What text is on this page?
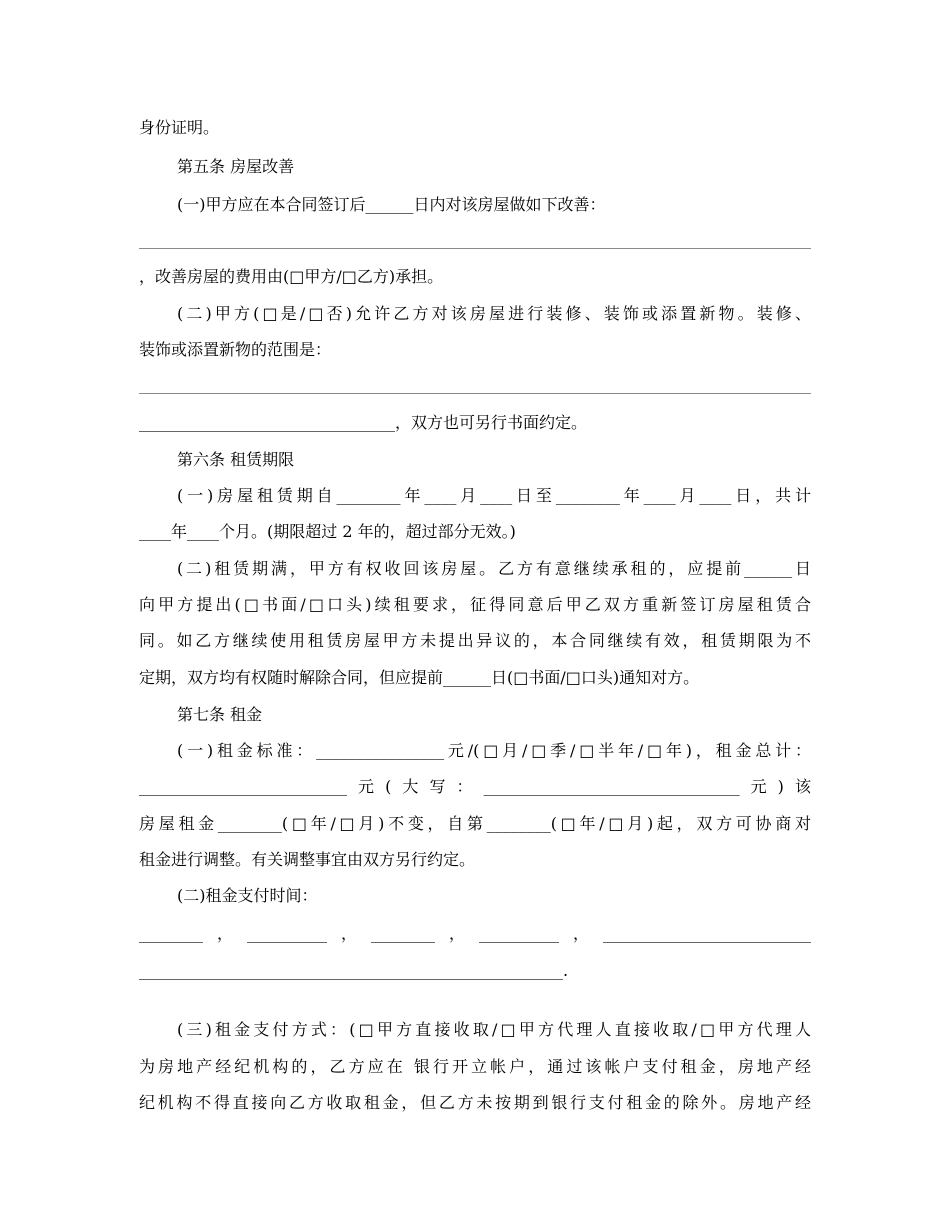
身份证明。
第五条 房屋改善
(一)甲方应在本合同签订后______日内对该房屋做如下改善：
，改善房屋的费用由(□甲方/□乙方)承担。
(二)甲方(□是/□否)允许乙方对该房屋进行装修、装饰或添置新物。装修、
装饰或添置新物的范围是：
________________________________，双方也可另行书面约定。
第六条 租赁期限
(一)房屋租赁期自________年____月____日至________年____月____日，共计
____年____个月。(期限超过 2 年的，超过部分无效。)
(二)租赁期满，甲方有权收回该房屋。乙方有意继续承租的，应提前______日
向甲方提出(□书面/□口头)续租要求，征得同意后甲乙双方重新签订房屋租赁合
同。如乙方继续使用租赁房屋甲方未提出异议的，本合同继续有效，租赁期限为不
定期，双方均有权随时解除合同，但应提前______日(□书面/□口头)通知对方。
第七条 租金
(一)租金标准：________________元/(□月/□季/□半年/□年)，租金总计：
__________________________元(大写：________________________________元)该
房屋租金________(□年/□月)不变，自第________(□年/□月)起，双方可协商对
租金进行调整。有关调整事宜由双方另行约定。
(二)租金支付时间：
________，__________，________，__________，__________________________
_____________________________________________________.
(三)租金支付方式：(□甲方直接收取/□甲方代理人直接收取/□甲方代理人
为房地产经纪机构的，乙方应在 银行开立帐户，通过该帐户支付租金，房地产经
纪机构不得直接向乙方收取租金，但乙方未按期到银行支付租金的除外。房地产经
